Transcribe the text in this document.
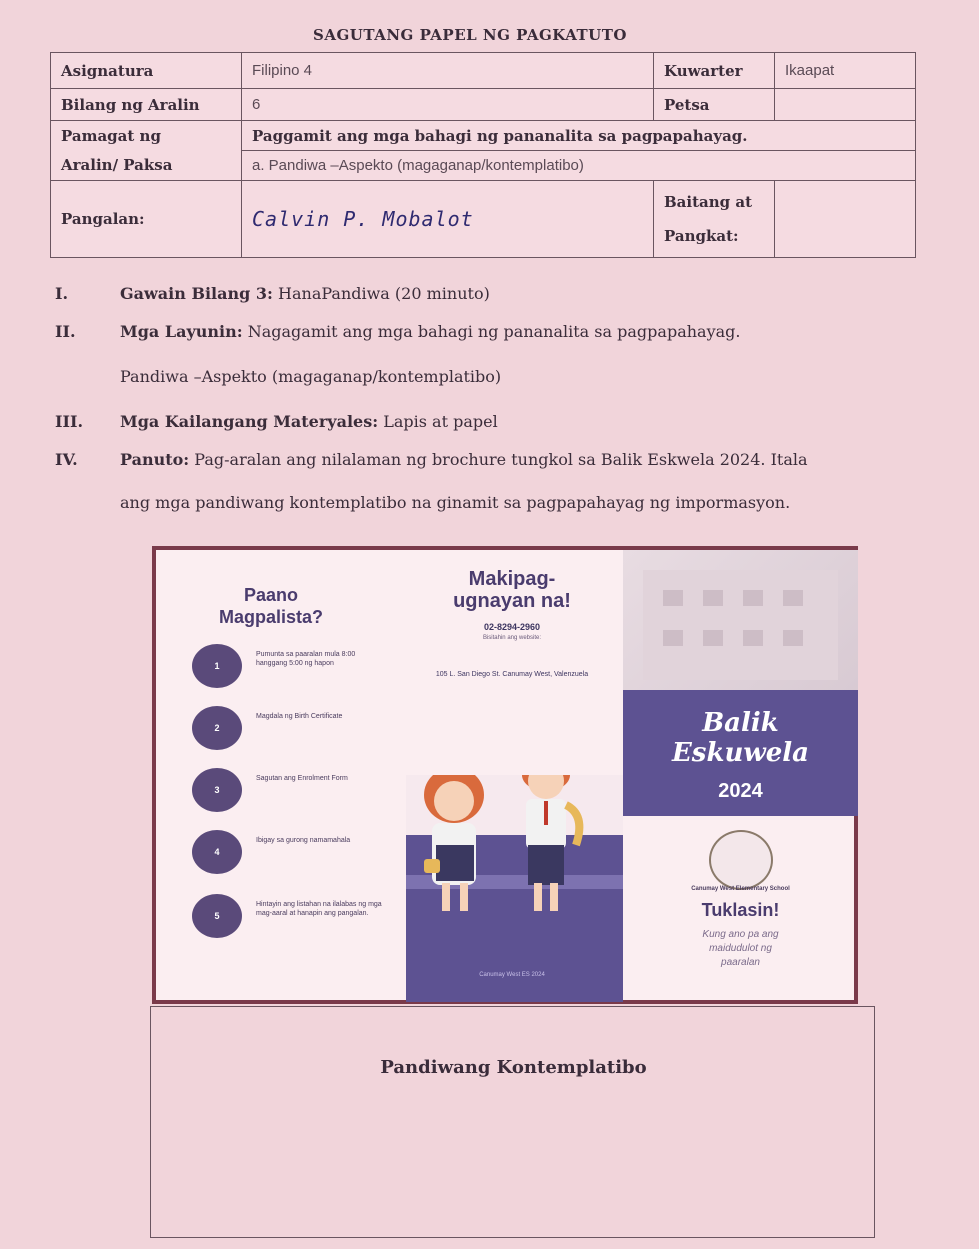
SAGUTANG PAPEL NG PAGKATUTO
Asignatura	Filipino 4	Kuwarter	Ikaapat
Bilang ng Aralin	6	Petsa	
Pamagat ng	Paggamit ang mga bahagi ng pananalita sa pagpapahayag.		
Aralin/ Paksa	a. Pandiwa –Aspekto (magaganap/kontemplatibo)		
Pangalan:	Calvin P. Mobalot	Baitang at
Pangkat:	
I.	Gawain Bilang 3: HanaPandiwa (20 minuto)
II.	Mga Layunin: Nagagamit ang mga bahagi ng pananalita sa pagpapahayag.
Pandiwa –Aspekto (magaganap/kontemplatibo)
III. Mga Kailangang Materyales: Lapis at papel
IV.	Panuto: Pag-aralan ang nilalaman ng brochure tungkol sa Balik Eskwela 2024. Itala
ang mga pandiwang kontemplatibo na ginamit sa pagpapahayag ng impormasyon.
Paano
Magpalista?
1
Pumunta sa paaralan mula 8:00 hanggang 5:00 ng hapon
2
Magdala ng Birth Certificate
3
Sagutan ang Enrolment Form
4
Ibigay sa gurong namamahala
5
Hintayin ang listahan na ilalabas ng mga mag-aaral at hanapin ang pangalan.
Makipag-
ugnayan na!
02-8294-2960
Bisitahin ang website:
105 L. San Diego St. Canumay West, Valenzuela
Canumay West ES 2024
Balik
Eskuwela
2024
Canumay West Elementary School
Tuklasin!
Kung ano pa ang
maidudulot ng
paaralan
Pandiwang Kontemplatibo
